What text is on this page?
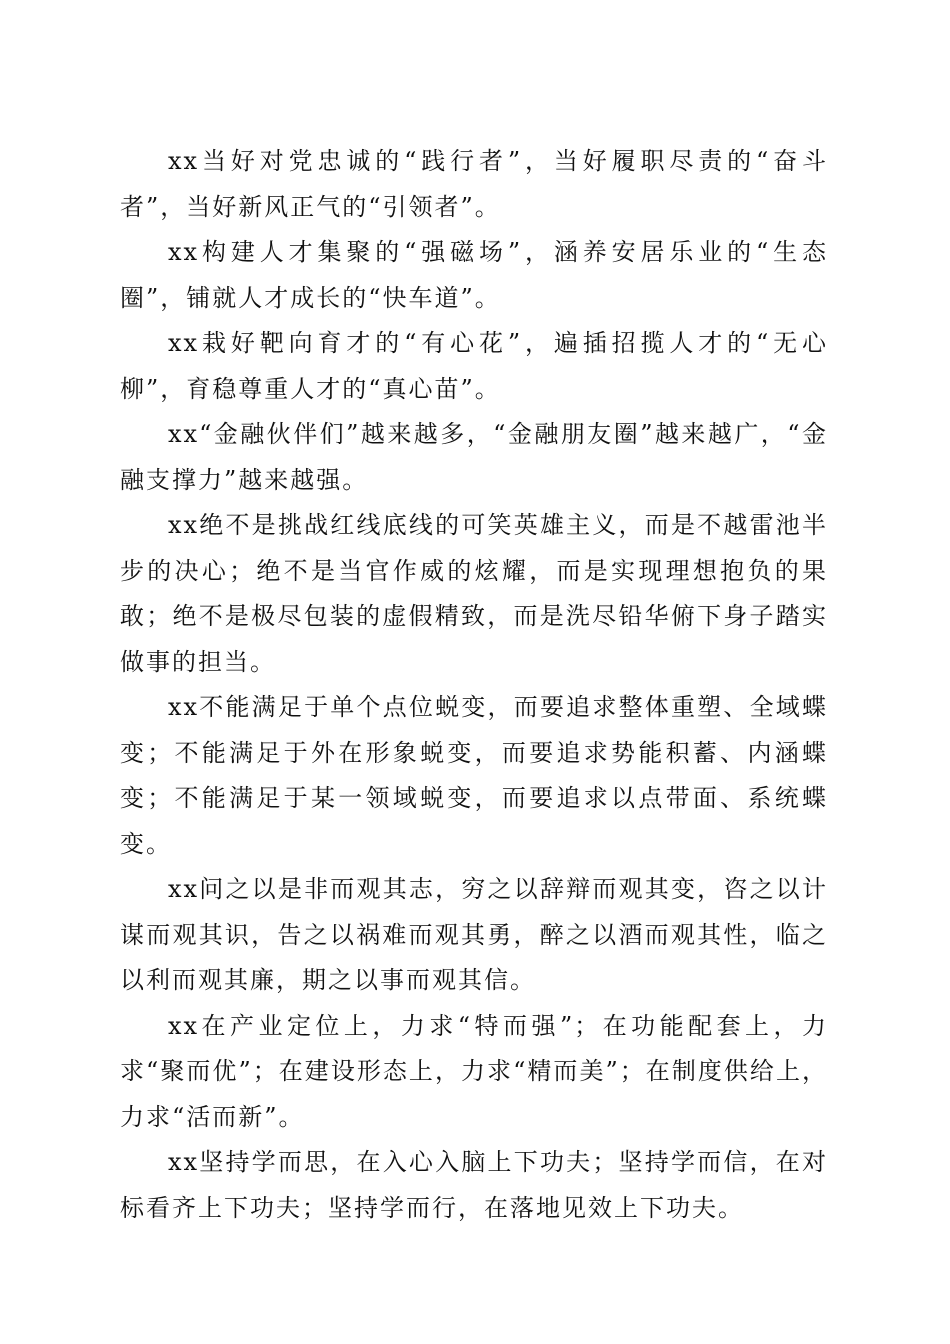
xx当好对党忠诚的“践行者”，当好履职尽责的“奋斗者”，当好新风正气的“引领者”。

xx构建人才集聚的“强磁场”，涵养安居乐业的“生态圈”，铺就人才成长的“快车道”。

xx栽好靶向育才的“有心花”，遍插招揽人才的“无心柳”，育稳尊重人才的“真心苗”。

xx“金融伙伴们”越来越多，“金融朋友圈”越来越广，“金融支撑力”越来越强。

xx绝不是挑战红线底线的可笑英雄主义，而是不越雷池半步的决心；绝不是当官作威的炫耀，而是实现理想抱负的果敢；绝不是极尽包装的虚假精致，而是洗尽铅华俯下身子踏实做事的担当。

xx不能满足于单个点位蜕变，而要追求整体重塑、全域蝶变；不能满足于外在形象蜕变，而要追求势能积蓄、内涵蝶变；不能满足于某一领域蜕变，而要追求以点带面、系统蝶变。

xx问之以是非而观其志，穷之以辞辩而观其变，咨之以计谋而观其识，告之以祸难而观其勇，醉之以酒而观其性，临之以利而观其廉，期之以事而观其信。

xx在产业定位上，力求“特而强”；在功能配套上，力求“聚而优”；在建设形态上，力求“精而美”；在制度供给上，力求“活而新”。

xx坚持学而思，在入心入脑上下功夫；坚持学而信，在对标看齐上下功夫；坚持学而行，在落地见效上下功夫。
